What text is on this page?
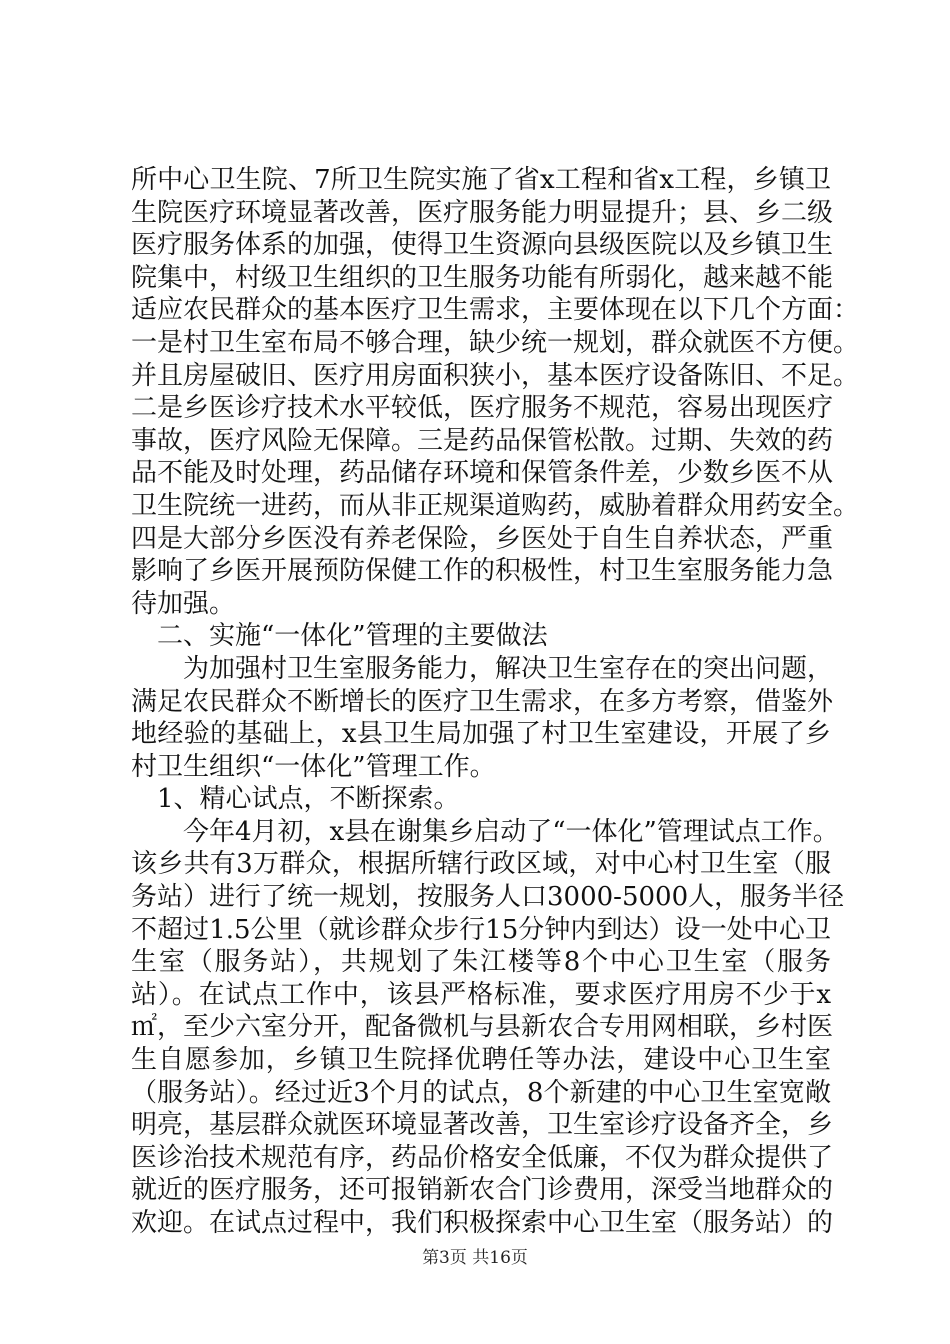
所中心卫生院、7所卫生院实施了省x工程和省x工程，乡镇卫
生院医疗环境显著改善，医疗服务能力明显提升；县、乡二级
医疗服务体系的加强，使得卫生资源向县级医院以及乡镇卫生
院集中，村级卫生组织的卫生服务功能有所弱化，越来越不能
适应农民群众的基本医疗卫生需求，主要体现在以下几个方面：
一是村卫生室布局不够合理，缺少统一规划，群众就医不方便。
并且房屋破旧、医疗用房面积狭小，基本医疗设备陈旧、不足。
二是乡医诊疗技术水平较低，医疗服务不规范，容易出现医疗
事故，医疗风险无保障。三是药品保管松散。过期、失效的药
品不能及时处理，药品储存环境和保管条件差，少数乡医不从
卫生院统一进药，而从非正规渠道购药，威胁着群众用药安全。
四是大部分乡医没有养老保险，乡医处于自生自养状态，严重
影响了乡医开展预防保健工作的积极性，村卫生室服务能力急
待加强。
二、实施“一体化”管理的主要做法
为加强村卫生室服务能力，解决卫生室存在的突出问题，
满足农民群众不断增长的医疗卫生需求，在多方考察，借鉴外
地经验的基础上，x县卫生局加强了村卫生室建设，开展了乡
村卫生组织“一体化”管理工作。
1、精心试点，不断探索。
今年4月初，x县在谢集乡启动了“一体化”管理试点工作。
该乡共有3万群众，根据所辖行政区域，对中心村卫生室（服
务站）进行了统一规划，按服务人口3000-5000人，服务半径
不超过1.5公里（就诊群众步行15分钟内到达）设一处中心卫
生室（服务站），共规划了朱江楼等8个中心卫生室（服务
站）。在试点工作中，该县严格标准，要求医疗用房不少于x
㎡，至少六室分开，配备微机与县新农合专用网相联，乡村医
生自愿参加，乡镇卫生院择优聘任等办法，建设中心卫生室
（服务站）。经过近3个月的试点，8个新建的中心卫生室宽敞
明亮，基层群众就医环境显著改善，卫生室诊疗设备齐全，乡
医诊治技术规范有序，药品价格安全低廉，不仅为群众提供了
就近的医疗服务，还可报销新农合门诊费用，深受当地群众的
欢迎。在试点过程中，我们积极探索中心卫生室（服务站）的
第3页 共16页
